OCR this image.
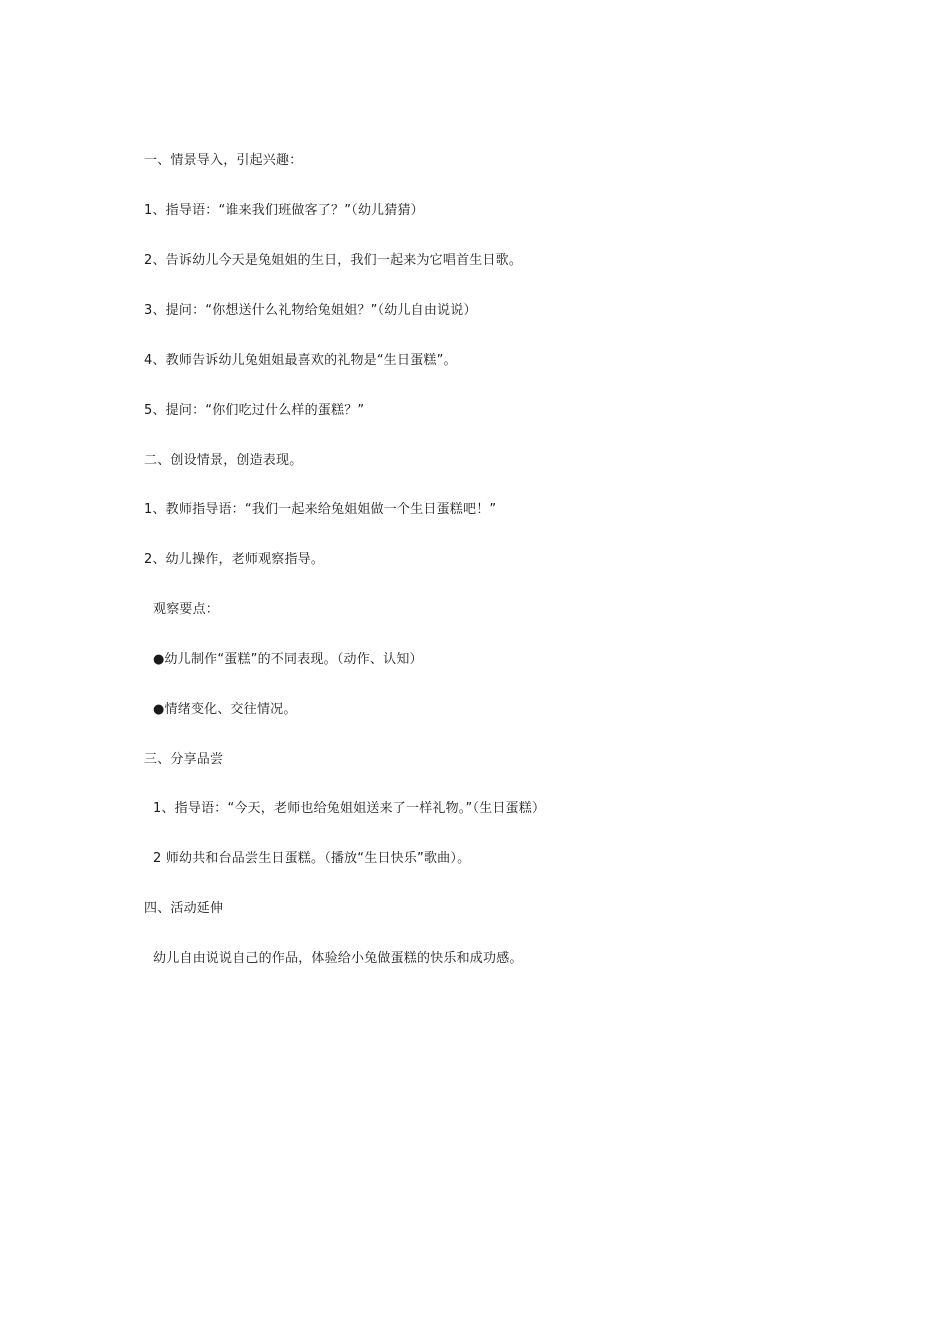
一、情景导入，引起兴趣：
1、指导语：“谁来我们班做客了？”（幼儿猜猜）
2、告诉幼儿今天是兔姐姐的生日，我们一起来为它唱首生日歌。
3、提问：“你想送什么礼物给兔姐姐？”（幼儿自由说说）
4、教师告诉幼儿兔姐姐最喜欢的礼物是“生日蛋糕”。
5、提问：“你们吃过什么样的蛋糕？”
二、创设情景，创造表现。
1、教师指导语：“我们一起来给兔姐姐做一个生日蛋糕吧！”
2、幼儿操作，老师观察指导。
观察要点：
●幼儿制作“蛋糕”的不同表现。（动作、认知）
●情绪变化、交往情况。
三、分享品尝
1、指导语：“今天，老师也给兔姐姐送来了一样礼物。”（生日蛋糕）
2 师幼共和台品尝生日蛋糕。（播放“生日快乐”歌曲）。
四、活动延伸
幼儿自由说说自己的作品，体验给小兔做蛋糕的快乐和成功感。
